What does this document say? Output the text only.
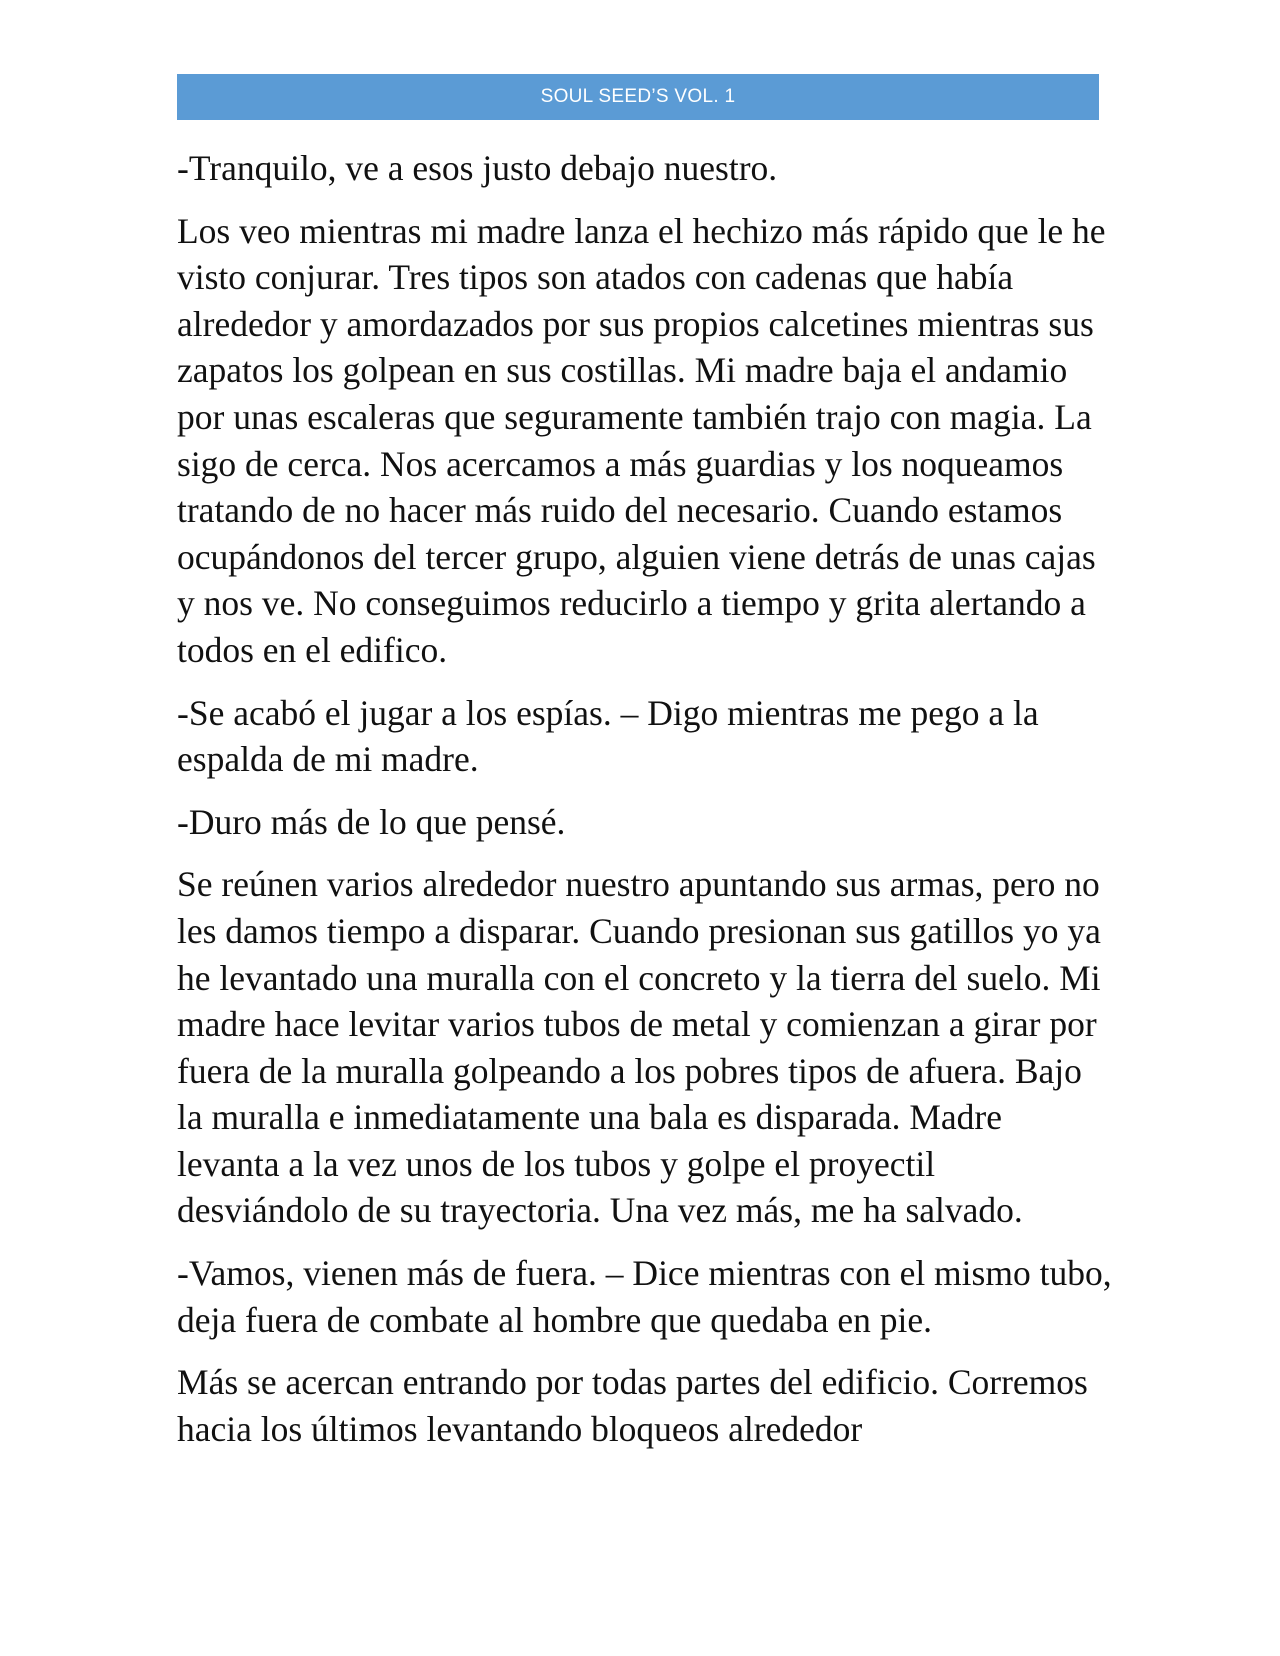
SOUL SEED’S VOL. 1

-Tranquilo, ve a esos justo debajo nuestro.

Los veo mientras mi madre lanza el hechizo más rápido que le he visto conjurar. Tres tipos son atados con cadenas que había alrededor y amordazados por sus propios calcetines mientras sus zapatos los golpean en sus costillas. Mi madre baja el andamio por unas escaleras que seguramente también trajo con magia. La sigo de cerca. Nos acercamos a más guardias y los noqueamos tratando de no hacer más ruido del necesario. Cuando estamos ocupándonos del tercer grupo, alguien viene detrás de unas cajas y nos ve. No conseguimos reducirlo a tiempo y grita alertando a todos en el edifico.

-Se acabó el jugar a los espías. – Digo mientras me pego a la espalda de mi madre.

-Duro más de lo que pensé.

Se reúnen varios alrededor nuestro apuntando sus armas, pero no les damos tiempo a disparar. Cuando presionan sus gatillos yo ya he levantado una muralla con el concreto y la tierra del suelo. Mi madre hace levitar varios tubos de metal y comienzan a girar por fuera de la muralla golpeando a los pobres tipos de afuera. Bajo la muralla e inmediatamente una bala es disparada. Madre levanta a la vez unos de los tubos y golpe el proyectil desviándolo de su trayectoria. Una vez más, me ha salvado.

-Vamos, vienen más de fuera. – Dice mientras con el mismo tubo, deja fuera de combate al hombre que quedaba en pie.

Más se acercan entrando por todas partes del edificio. Corremos hacia los últimos levantando bloqueos alrededor
